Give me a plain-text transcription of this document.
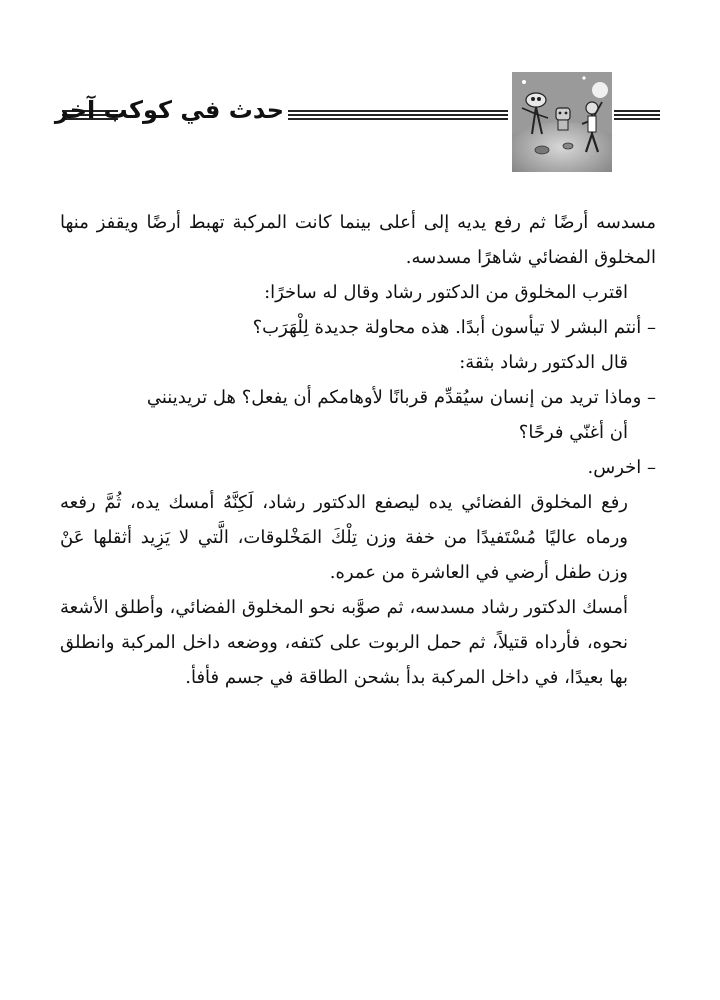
حدث في كوكب آخر

مسدسه أرضًا ثم رفع يديه إلى أعلى بينما كانت المركبة تهبط أرضًا ويقفز منها المخلوق الفضائي شاهرًا مسدسه.

اقترب المخلوق من الدكتور رشاد وقال له ساخرًا:

– أنتم البشر لا تيأسون أبدًا. هذه محاولة جديدة لِلْهَرَب؟

قال الدكتور رشاد بثقة:

– وماذا تريد من إنسان سيُقدِّم قربانًا لأوهامكم أن يفعل؟ هل تريدينني

أن أغنّي فرحًا؟

– اخرس.

رفع المخلوق الفضائي يده ليصفع الدكتور رشاد، لَكِنَّهُ أمسك يده، ثُمَّ رفعه ورماه عاليًا مُسْتَفيدًا من خفة وزن تِلْكَ المَخْلوقات، الَّتي لا يَزِيد أثقلها عَنْ وزن طفل أرضي في العاشرة من عمره.

أمسك الدكتور رشاد مسدسه، ثم صوَّبه نحو المخلوق الفضائي، وأطلق الأشعة نحوه، فأرداه قتيلاً، ثم حمل الربوت على كتفه، ووضعه داخل المركبة وانطلق بها بعيدًا، في داخل المركبة بدأ بشحن الطاقة في جسم فأفأ.
